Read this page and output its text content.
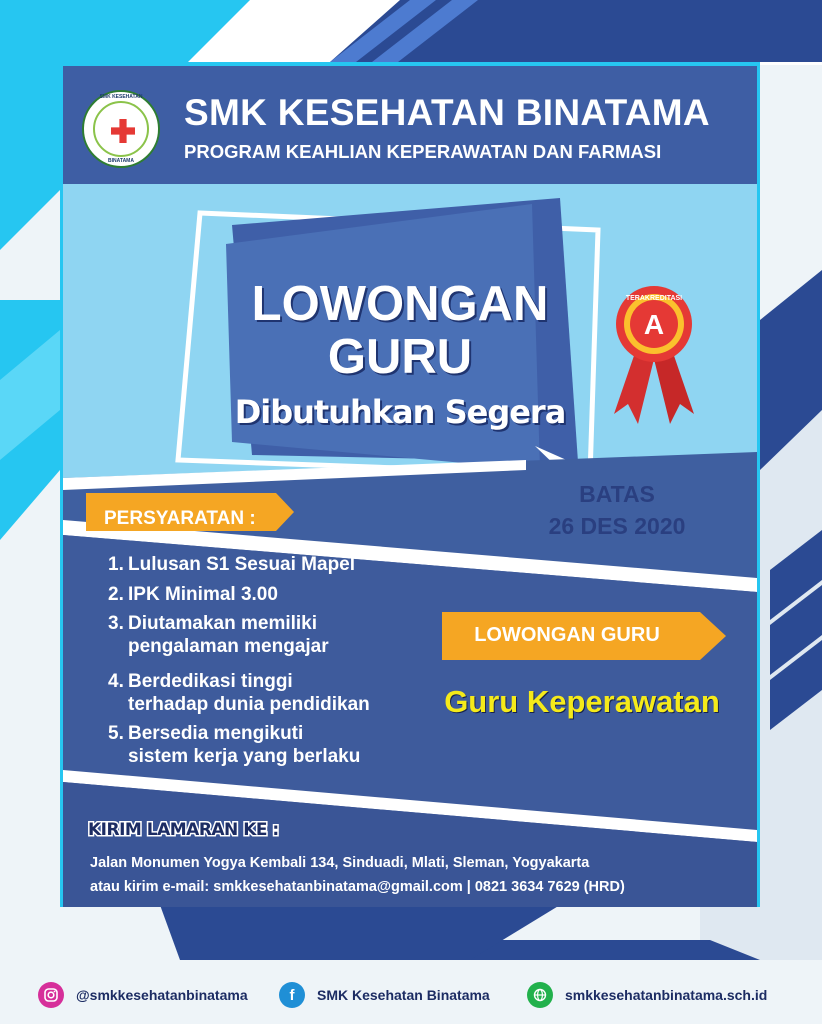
SMK KESEHATAN
BINATAMA
SMK KESEHATAN BINATAMA
PROGRAM KEAHLIAN KEPERAWATAN DAN FARMASI
LOWONGAN
GURU
Dibutuhkan Segera
TERAKREDITASI
A
BATAS
26 DES 2020
PERSYARATAN :
1. Lulusan S1 Sesuai Mapel
2. IPK Minimal 3.00
3. Diutamakan memiliki
pengalaman mengajar
4. Berdedikasi tinggi
terhadap dunia pendidikan
5. Bersedia mengikuti
sistem kerja yang berlaku
LOWONGAN GURU
Guru Keperawatan
KIRIM LAMARAN KE :
Jalan Monumen Yogya Kembali 134, Sinduadi, Mlati, Sleman, Yogyakarta
atau kirim e-mail: smkkesehatanbinatama@gmail.com | 0821 3634 7629 (HRD)
@smkkesehatanbinatama	f	SMK Kesehatan Binatama	smkkesehatanbinatama.sch.id
